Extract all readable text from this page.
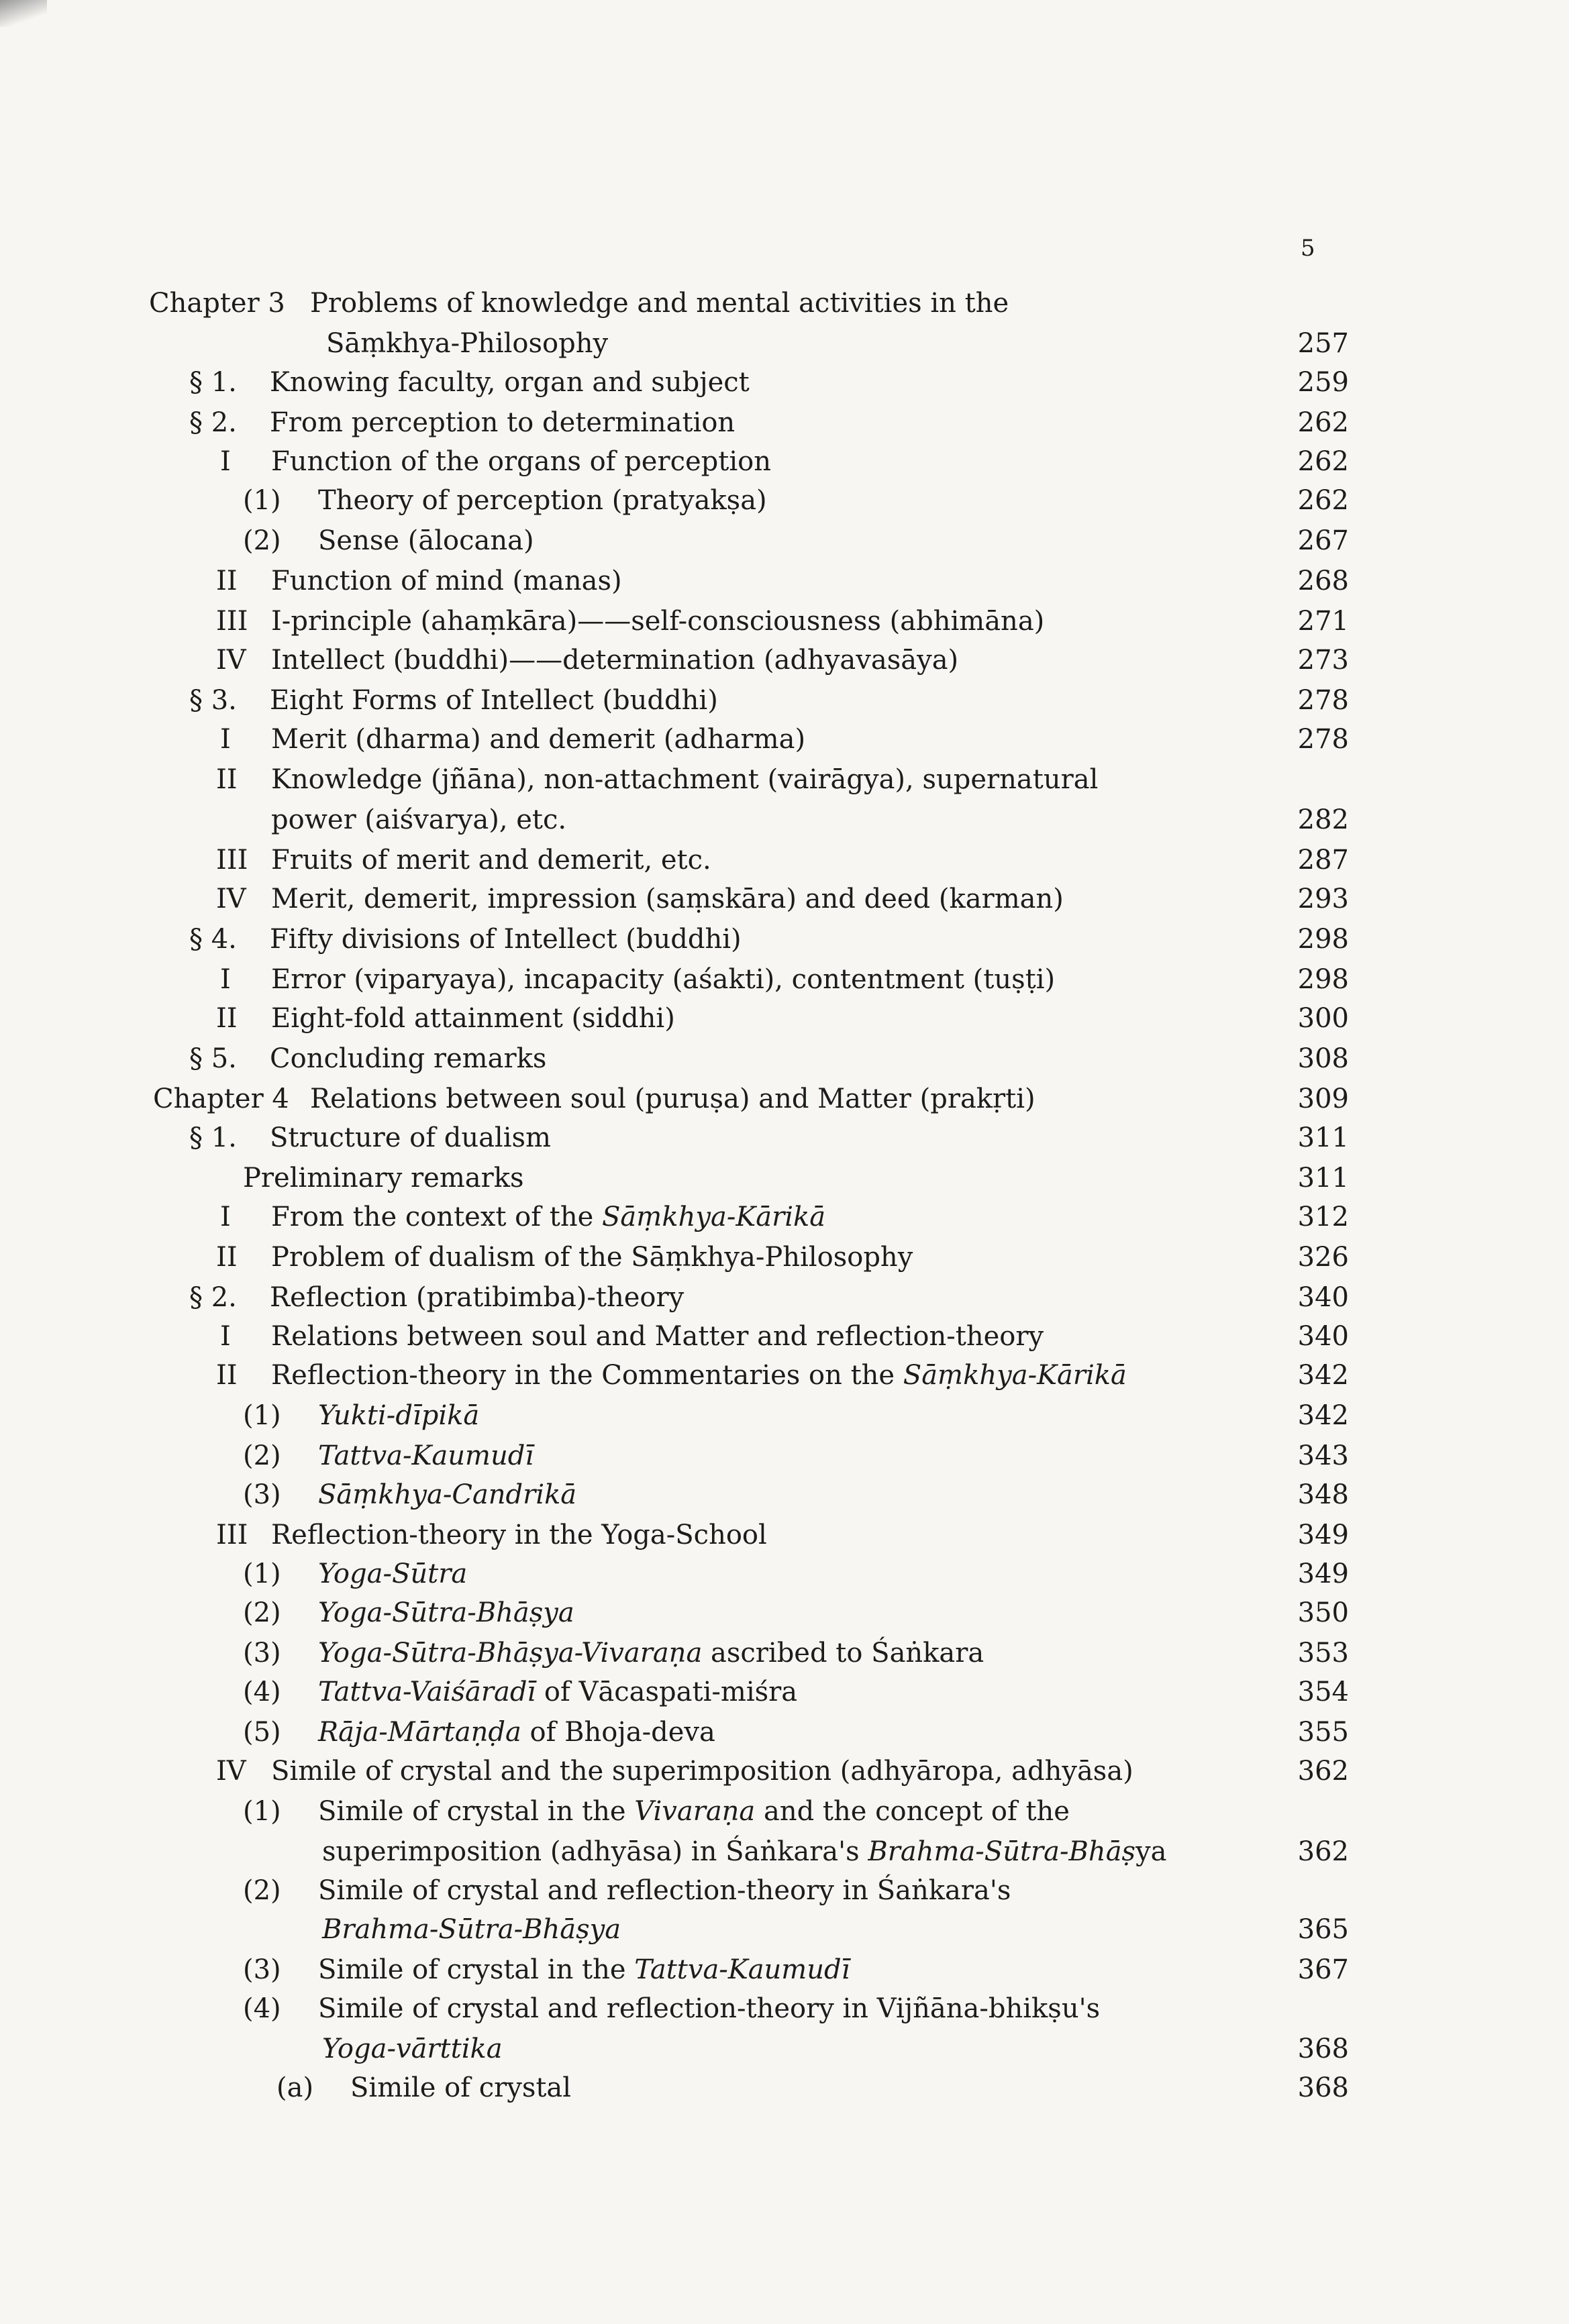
5
Chapter 3 Problems of knowledge and mental activities in the
Sāṃkhya-Philosophy	257
§ 1. Knowing faculty, organ and subject	259
§ 2. From perception to determination	262
I Function of the organs of perception	262
(1) Theory of perception (pratyakṣa)	262
(2) Sense (ālocana)	267
II Function of mind (manas)	268
III I-principle (ahaṃkāra)——self-consciousness (abhimāna)	271
IV Intellect (buddhi)——determination (adhyavasāya)	273
§ 3. Eight Forms of Intellect (buddhi)	278
I Merit (dharma) and demerit (adharma)	278
II Knowledge (jñāna), non-attachment (vairāgya), supernatural
power (aiśvarya), etc.	282
III Fruits of merit and demerit, etc.	287
IV Merit, demerit, impression (saṃskāra) and deed (karman)	293
§ 4. Fifty divisions of Intellect (buddhi)	298
I Error (viparyaya), incapacity (aśakti), contentment (tuṣṭi)	298
II Eight-fold attainment (siddhi)	300
§ 5. Concluding remarks	308
Chapter 4 Relations between soul (puruṣa) and Matter (prakṛti)	309
§ 1. Structure of dualism	311
Preliminary remarks	311
I From the context of the Sāṃkhya-Kārikā	312
II Problem of dualism of the Sāṃkhya-Philosophy	326
§ 2. Reflection (pratibimba)-theory	340
I Relations between soul and Matter and reflection-theory	340
II Reflection-theory in the Commentaries on the Sāṃkhya-Kārikā	342
(1) Yukti-dīpikā	342
(2) Tattva-Kaumudī	343
(3) Sāṃkhya-Candrikā	348
III Reflection-theory in the Yoga-School	349
(1) Yoga-Sūtra	349
(2) Yoga-Sūtra-Bhāṣya	350
(3) Yoga-Sūtra-Bhāṣya-Vivaraṇa ascribed to Śaṅkara	353
(4) Tattva-Vaiśāradī of Vācaspati-miśra	354
(5) Rāja-Mārtaṇḍa of Bhoja-deva	355
IV Simile of crystal and the superimposition (adhyāropa, adhyāsa)	362
(1) Simile of crystal in the Vivaraṇa and the concept of the
superimposition (adhyāsa) in Śaṅkara's Brahma-Sūtra-Bhāṣya	362
(2) Simile of crystal and reflection-theory in Śaṅkara's
Brahma-Sūtra-Bhāṣya	365
(3) Simile of crystal in the Tattva-Kaumudī	367
(4) Simile of crystal and reflection-theory in Vijñāna-bhikṣu's
Yoga-vārttika	368
(a) Simile of crystal	368
